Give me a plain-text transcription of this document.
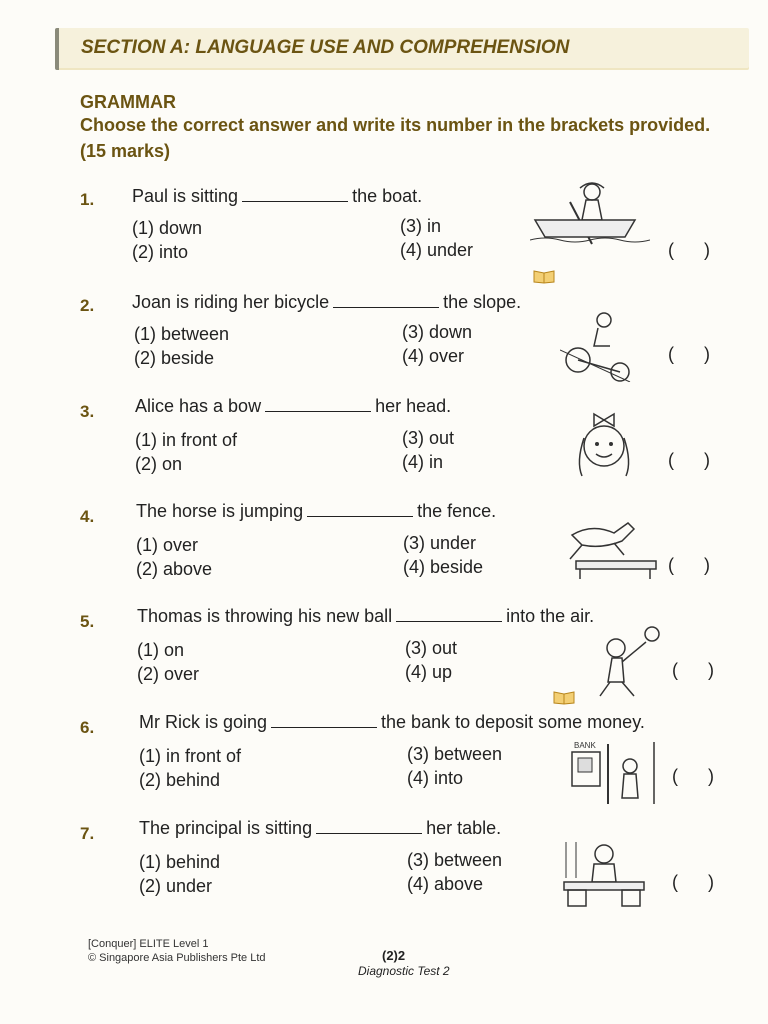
SECTION A: LANGUAGE USE AND COMPREHENSION
GRAMMAR
Choose the correct answer and write its number in the brackets provided. (15 marks)
1. Paul is sitting	the boat.
(1) down
(2) into
(3) in
(4) under	(      )
2. Joan is riding her bicycle	the slope.
(1) between
(2) beside
(3) down
(4) over	(      )
3. Alice has a bow	her head.
(1) in front of
(2) on
(3) out
(4) in	(      )
4. The horse is jumping	the fence.
(1) over
(2) above
(3) under
(4) beside	(      )
5. Thomas is throwing his new ball	into the air.
(1) on
(2) over
(3) out
(4) up	(      )
6. Mr Rick is going	the bank to deposit some money.
(1) in front of
(2) behind
(3) between
(4) into	(      )
BANK
7. The principal is sitting	her table.
(1) behind
(2) under
(3) between
(4) above	(      )
[Conquer] ELITE Level 1
© Singapore Asia Publishers Pte Ltd	(2)2
Diagnostic Test 2
